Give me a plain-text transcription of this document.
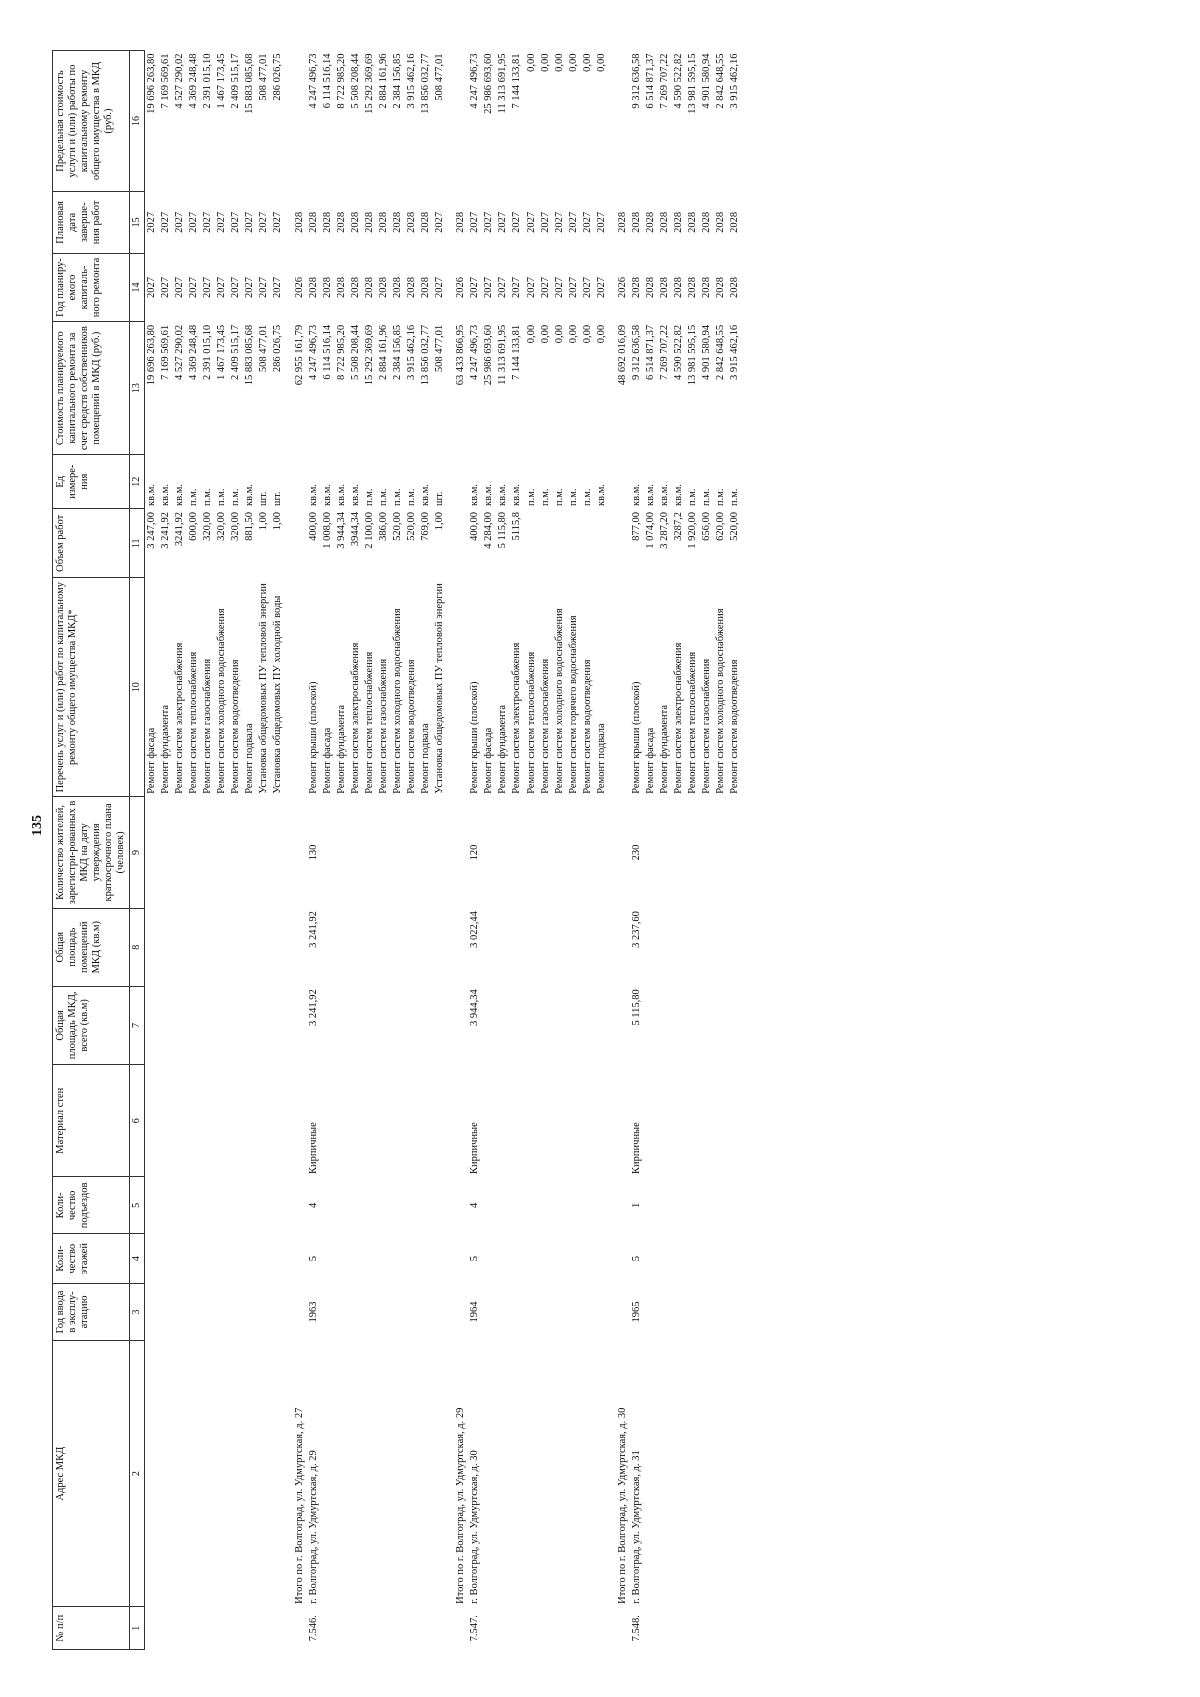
135
№ п/п	Адрес МКД	Год ввода в эксплу-атацию	Коли-чество этажей	Коли-чество подъездов	Материал стен	Общая площадь МКД, всего (кв.м)	Общая площадь помещений МКД (кв.м)	Количество жителей, зарегистри-рованных в МКД на дату утверждения краткосрочного плана (человек)	Перечень услуг и (или) работ по капитальному ремонту общего имущества МКД*	Объем работ	Ед измере-ния	Стоимость планируемого капитального ремонта за счет средств собственников помещений в МКД (руб.)	Год планиру-емого капиталь-ного ремонта	Плановая дата заверше-ния работ	Предельная стоимость услуги и (или) работы по капитальному ремонту общего имущества в МКД (руб.)
1	2	3	4	5	6	7	8	9	10	11	12	13	14	15	16
									Ремонт фасада	3 247,00	кв.м.	19 696 263,80	2027	2027	19 696 263,80
									Ремонт фундамента	3 241,92	кв.м.	7 169 569,61	2027	2027	7 169 569,61
									Ремонт систем электроснабжения	3241,92	кв.м.	4 527 290,02	2027	2027	4 527 290,02
									Ремонт систем теплоснабжения	600,00	п.м.	4 369 248,48	2027	2027	4 369 248,48
									Ремонт систем газоснабжения	320,00	п.м.	2 391 015,10	2027	2027	2 391 015,10
									Ремонт систем холодного водоснабжения	320,00	п.м.	1 467 173,45	2027	2027	1 467 173,45
									Ремонт систем водоотведения	320,00	п.м.	2 409 515,17	2027	2027	2 409 515,17
									Ремонт подвала	881,50	кв.м.	15 883 085,68	2027	2027	15 883 085,68
									Установка общедомовых ПУ тепловой энергии	1,00	шт.	508 477,01	2027	2027	508 477,01
									Установка общедомовых ПУ холодной воды	1,00	шт.	286 026,75	2027	2027	286 026,75
	Итого по г. Волгоград, ул. Удмуртская, д. 27											62 955 161,79	2026	2028	
7.546.	г. Волгоград, ул. Удмуртская, д. 29	1963	5	4	Кирпичные	3 241,92	3 241,92	130	Ремонт крыши (плоской)	400,00	кв.м.	4 247 496,73	2028	2028	4 247 496,73
									Ремонт фасада	1 008,00	кв.м.	6 114 516,14	2028	2028	6 114 516,14
									Ремонт фундамента	3 944,34	кв.м.	8 722 985,20	2028	2028	8 722 985,20
									Ремонт систем электроснабжения	3944,34	кв.м.	5 508 208,44	2028	2028	5 508 208,44
									Ремонт систем теплоснабжения	2 100,00	п.м.	15 292 369,69	2028	2028	15 292 369,69
									Ремонт систем газоснабжения	386,00	п.м.	2 884 161,96	2028	2028	2 884 161,96
									Ремонт систем холодного водоснабжения	520,00	п.м.	2 384 156,85	2028	2028	2 384 156,85
									Ремонт систем водоотведения	520,00	п.м.	3 915 462,16	2028	2028	3 915 462,16
									Ремонт подвала	769,00	кв.м.	13 856 032,77	2028	2028	13 856 032,77
									Установка общедомовых ПУ тепловой энергии	1,00	шт.	508 477,01	2027	2027	508 477,01
	Итого по г. Волгоград, ул. Удмуртская, д. 29											63 433 866,95	2026	2028	
7.547.	г. Волгоград, ул. Удмуртская, д. 30	1964	5	4	Кирпичные	3 944,34	3 022,44	120	Ремонт крыши (плоской)	400,00	кв.м.	4 247 496,73	2027	2027	4 247 496,73
									Ремонт фасада	4 284,00	кв.м.	25 986 693,60	2027	2027	25 986 693,60
									Ремонт фундамента	5 115,80	кв.м.	11 313 691,95	2027	2027	11 313 691,95
									Ремонт систем электроснабжения	5115,8	кв.м.	7 144 133,81	2027	2027	7 144 133,81
									Ремонт систем теплоснабжения		п.м.	0,00	2027	2027	0,00
									Ремонт систем газоснабжения		п.м.	0,00	2027	2027	0,00
									Ремонт систем холодного водоснабжения		п.м.	0,00	2027	2027	0,00
									Ремонт систем горячего водоснабжения		п.м.	0,00	2027	2027	0,00
									Ремонт систем водоотведения		п.м.	0,00	2027	2027	0,00
									Ремонт подвала		кв.м.	0,00	2027	2027	0,00
	Итого по г. Волгоград, ул. Удмуртская, д. 30											48 692 016,09	2026	2028	
7.548.	г. Волгоград, ул. Удмуртская, д. 31	1965	5	1	Кирпичные	5 115,80	3 237,60	230	Ремонт крыши (плоской)	877,00	кв.м.	9 312 636,58	2028	2028	9 312 636,58
									Ремонт фасада	1 074,00	кв.м.	6 514 871,37	2028	2028	6 514 871,37
									Ремонт фундамента	3 287,20	кв.м.	7 269 707,22	2028	2028	7 269 707,22
									Ремонт систем электроснабжения	3287,2	кв.м.	4 590 522,82	2028	2028	4 590 522,82
									Ремонт систем теплоснабжения	1 920,00	п.м.	13 981 595,15	2028	2028	13 981 595,15
									Ремонт систем газоснабжения	656,00	п.м.	4 901 580,94	2028	2028	4 901 580,94
									Ремонт систем холодного водоснабжения	620,00	п.м.	2 842 648,55	2028	2028	2 842 648,55
									Ремонт систем водоотведения	520,00	п.м.	3 915 462,16	2028	2028	3 915 462,16
